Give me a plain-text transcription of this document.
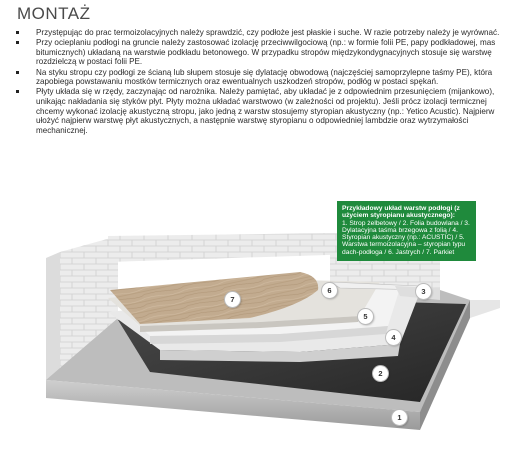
MONTAŻ
Przystępując do prac termoizolacyjnych należy sprawdzić, czy podłoże jest płaskie i suche. W razie potrzeby należy je wyrównać.
Przy ocieplaniu podłogi na gruncie należy zastosować izolację przeciwwilgociową (np.: w formie folii PE, papy podkładowej, mas bitumicznych) układaną na warstwie podkładu betonowego. W przypadku stropów międzykondygnacyjnych stosuje się warstwę rozdzielczą w postaci folii PE.
Na styku stropu czy podłogi ze ścianą lub słupem stosuje się dylatację obwodową (najczęściej samoprzylepne taśmy PE), która zapobiega powstawaniu mostków termicznych oraz ewentualnych uszkodzeń stropów, podłóg w postaci spękań.
Płyty układa się w rzędy, zaczynając od narożnika. Należy pamiętać, aby układać je z odpowiednim przesunięciem (mijankowo), unikając nakładania się styków płyt. Płyty można układać warstwowo (w zależności od projektu). Jeśli prócz izolacji termicznej chcemy wykonać izolację akustyczną stropu, jako jedną z warstw stosujemy styropian akustyczny (np.: Yetico Acustic). Najpierw ułożyć najpierw warstwę płyt akustycznych, a następnie warstwę styropianu o odpowiedniej lambdzie oraz wytrzymałości mechanicznej.
Przykładowy układ warstw podłogi (z użyciem styropianu akustycznego):
1. Strop żelbetowy / 2. Folia budowlana / 3. Dylatacyjna taśma brzegowa z folią / 4. Styropian akustyczny (np.: ACUSTIC) / 5. Warstwa termoizolacyjna – styropian typu dach-podłoga / 6. Jastrych / 7. Parkiet
1
2
3
4
5
6
7
